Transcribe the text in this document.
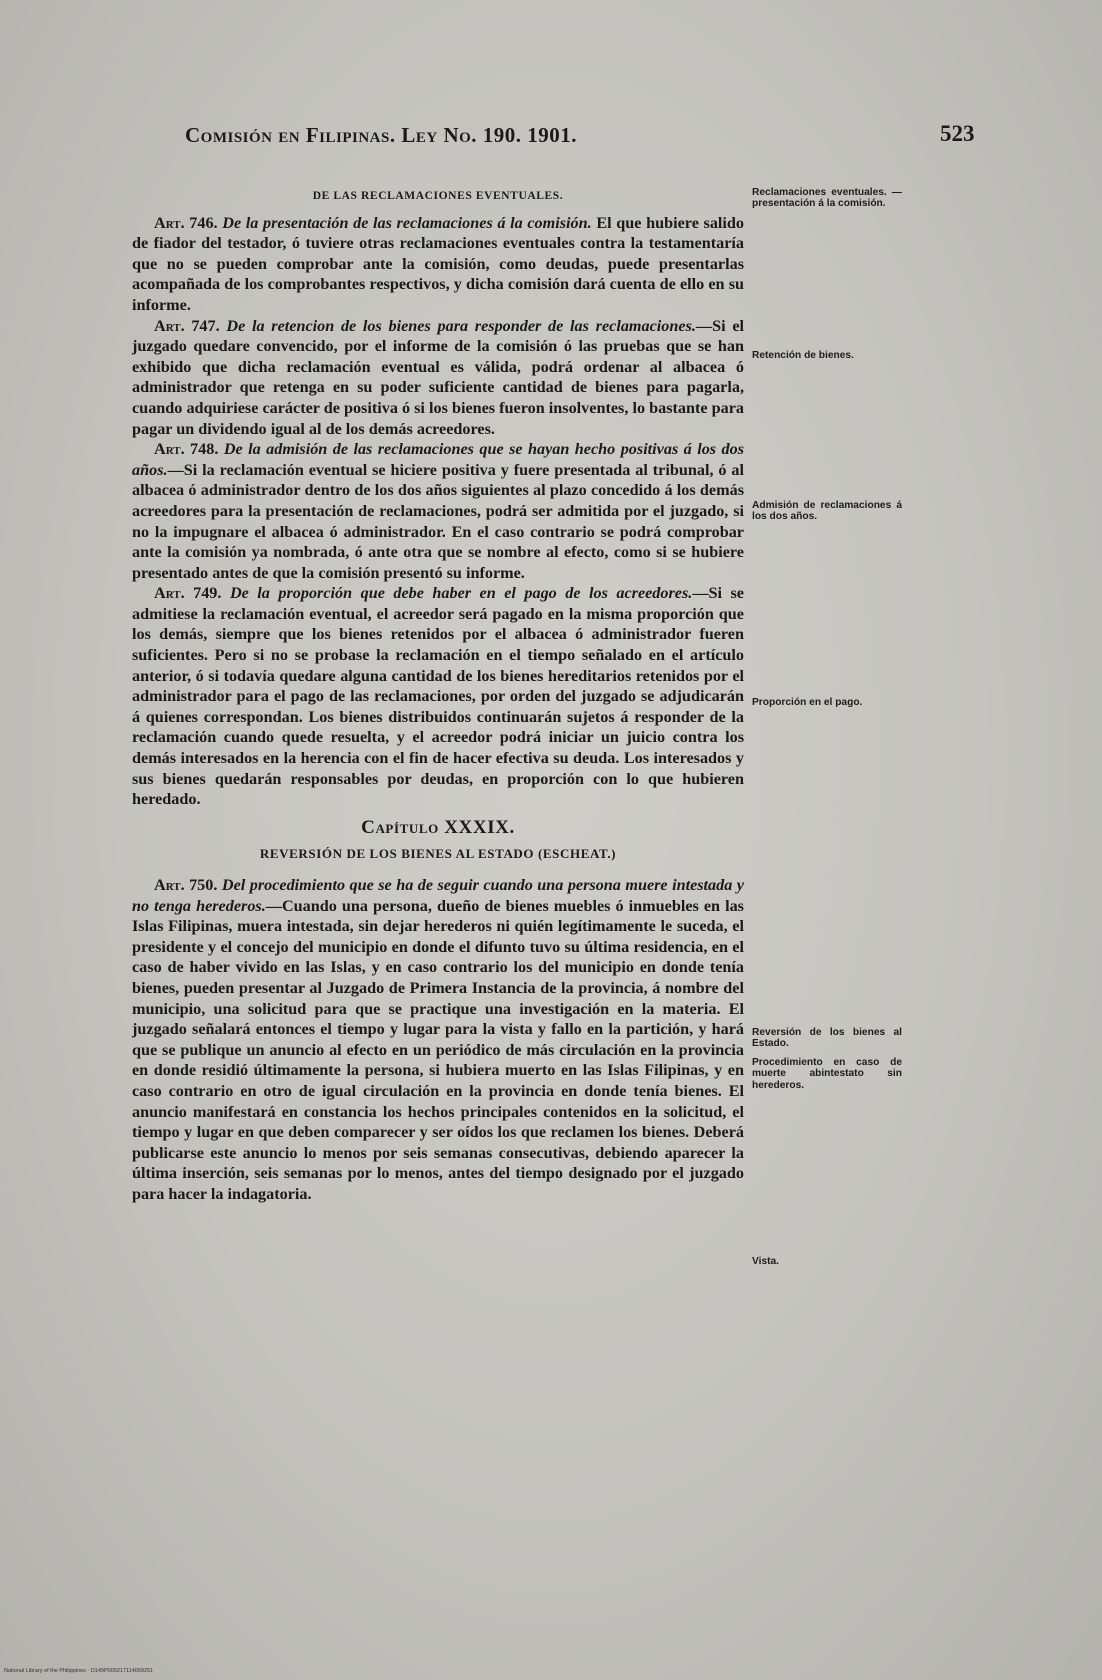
Comisión en Filipinas. Ley No. 190. 1901.	523
DE LAS RECLAMACIONES EVENTUALES.

Art. 746. De la presentación de las reclamaciones á la comisión. El que hubiere salido de fiador del testador, ó tuviere otras reclamaciones eventuales contra la testamentaría que no se pueden comprobar ante la comisión, como deudas, puede presentarlas acompañada de los comprobantes respectivos, y dicha comisión dará cuenta de ello en su informe.

Art. 747. De la retencion de los bienes para responder de las reclamaciones.—Si el juzgado quedare convencido, por el informe de la comisión ó las pruebas que se han exhibido que dicha reclamación eventual es válida, podrá ordenar al albacea ó administrador que retenga en su poder suficiente cantidad de bienes para pagarla, cuando adquiriese carácter de positiva ó si los bienes fueron insolventes, lo bastante para pagar un dividendo igual al de los demás acreedores.

Art. 748. De la admisión de las reclamaciones que se hayan hecho positivas á los dos años.—Si la reclamación eventual se hiciere positiva y fuere presentada al tribunal, ó al albacea ó administrador dentro de los dos años siguientes al plazo concedido á los demás acreedores para la presentación de reclamaciones, podrá ser admitida por el juzgado, si no la impugnare el albacea ó administrador. En el caso contrario se podrá comprobar ante la comisión ya nombrada, ó ante otra que se nombre al efecto, como si se hubiere presentado antes de que la comisión presentó su informe.

Art. 749. De la proporción que debe haber en el pago de los acreedores.—Si se admitiese la reclamación eventual, el acreedor será pagado en la misma proporción que los demás, siempre que los bienes retenidos por el albacea ó administrador fueren suficientes. Pero si no se probase la reclamación en el tiempo señalado en el artículo anterior, ó si todavía quedare alguna cantidad de los bienes hereditarios retenidos por el administrador para el pago de las reclamaciones, por orden del juzgado se adjudicarán á quienes correspondan. Los bienes distribuidos continuarán sujetos á responder de la reclamación cuando quede resuelta, y el acreedor podrá iniciar un juicio contra los demás interesados en la herencia con el fin de hacer efectiva su deuda. Los interesados y sus bienes quedarán responsables por deudas, en proporción con lo que hubieren heredado.

Capítulo XXXIX.
REVERSIÓN DE LOS BIENES AL ESTADO (ESCHEAT.)

Art. 750. Del procedimiento que se ha de seguir cuando una persona muere intestada y no tenga herederos.—Cuando una persona, dueño de bienes muebles ó inmuebles en las Islas Filipinas, muera intestada, sin dejar herederos ni quién legítimamente le suceda, el presidente y el concejo del municipio en donde el difunto tuvo su última residencia, en el caso de haber vivido en las Islas, y en caso contrario los del municipio en donde tenía bienes, pueden presentar al Juzgado de Primera Instancia de la provincia, á nombre del municipio, una solicitud para que se practique una investigación en la materia. El juzgado señalará entonces el tiempo y lugar para la vista y fallo en la partición, y hará que se publique un anuncio al efecto en un periódico de más circulación en la provincia en donde residió últimamente la persona, si hubiera muerto en las Islas Filipinas, y en caso contrario en otro de igual circulación en la provincia en donde tenía bienes. El anuncio manifestará en constancia los hechos principales contenidos en la solicitud, el tiempo y lugar en que deben comparecer y ser oídos los que reclamen los bienes. Deberá publicarse este anuncio lo menos por seis semanas consecutivas, debiendo aparecer la última inserción, seis semanas por lo menos, antes del tiempo designado por el juzgado para hacer la indagatoria.

Reclamaciones eventuales. —presentación á la comisión.
Retención de bienes.
Admisión de reclamaciones á los dos años.
Proporción en el pago.
Reversión de los bienes al Estado.
Procedimiento en caso de muerte abintestato sin herederos.
Vista.
National Library of the Philippines · D149P000217114059251
